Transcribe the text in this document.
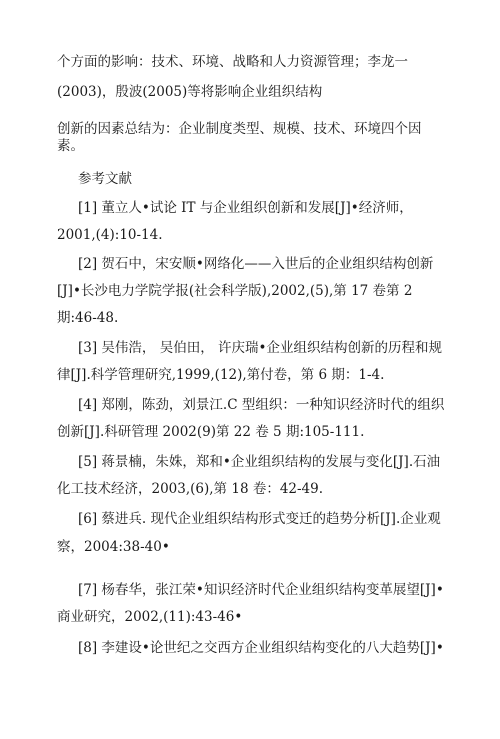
个方面的影响：技术、环境、战略和人力资源管理；李龙一
(2003)，殷波(2005)等将影响企业组织结构
创新的因素总结为：企业制度类型、规模、技术、环境四个因
素。
参考文献
[1] 董立人•试论 IT 与企业组织创新和发展[J]•经济师，
2001,(4):10-14.
[2] 贺石中，宋安顺•网络化——入世后的企业组织结构创新
[J]•长沙电力学院学报(社会科学版),2002,(5),第 17 卷第 2
期:46-48.
[3] 吴伟浩， 吴伯田， 许庆瑞•企业组织结构创新的历程和规
律[J].科学管理研究,1999,(12),第付卷，第 6 期：1-4.
[4] 郑刚，陈劲，刘景江.C 型组织：一种知识经济时代的组织
创新[J].科研管理 2002(9)第 22 卷 5 期:105-111.
[5] 蒋景楠，朱姝，郑和•企业组织结构的发展与变化[J].石油
化工技术经济，2003,(6),第 18 卷：42-49.
[6] 蔡进兵. 现代企业组织结构形式变迁的趋势分析[J].企业观
察，2004:38-40•
[7] 杨春华，张江荣•知识经济时代企业组织结构变革展望[J]•
商业研究，2002,(11):43-46•
[8] 李建设•论世纪之交西方企业组织结构变化的八大趋势[J]•
